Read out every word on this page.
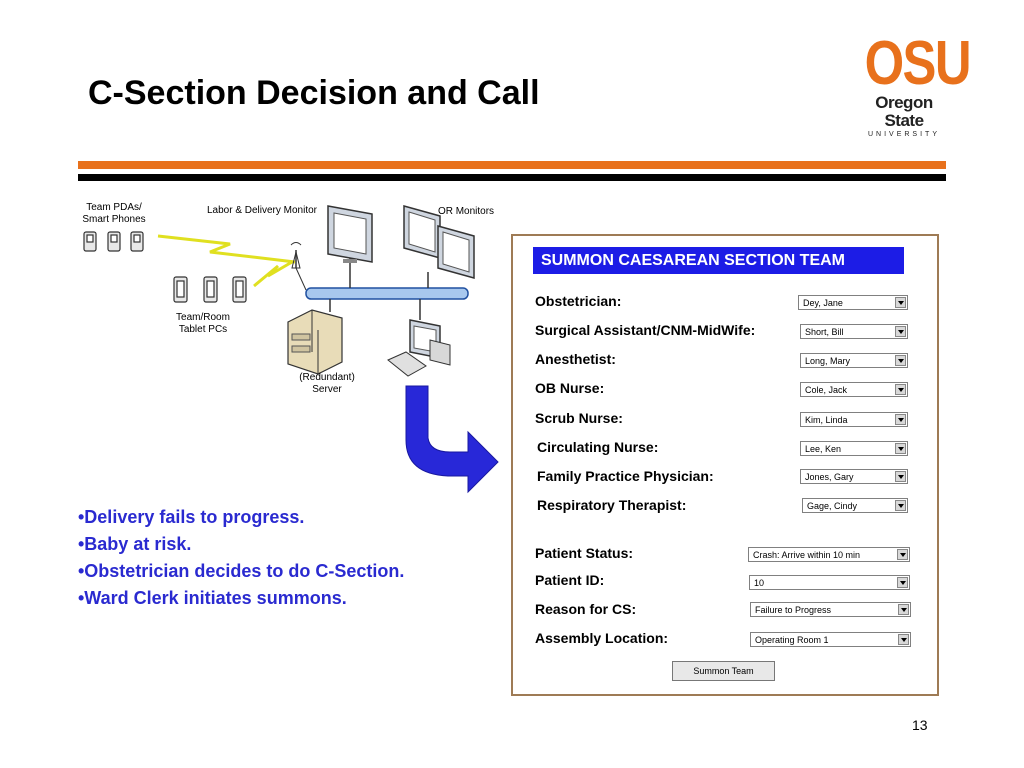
C-Section Decision and Call	OSU
Oregon State
UNIVERSITY
Team PDAs/
Smart Phones
Labor & Delivery Monitor	OR Monitors
Team/Room
Tablet PCs
(Redundant)
Server
•Delivery fails to progress.
•Baby at risk.
•Obstetrician decides to do C-Section.
•Ward Clerk initiates summons.
SUMMON CAESAREAN SECTION TEAM
Obstetrician:	Dey, Jane
Surgical Assistant/CNM-MidWife:	Short, Bill
Anesthetist:	Long, Mary
OB Nurse:	Cole, Jack
Scrub Nurse:	Kim, Linda
Circulating Nurse:	Lee, Ken
Family Practice Physician:	Jones, Gary
Respiratory Therapist:	Gage, Cindy
Patient Status:	Crash: Arrive within 10 min
Patient ID:	10
Reason for CS:	Failure to Progress
Assembly Location:	Operating Room 1
Summon Team
13
